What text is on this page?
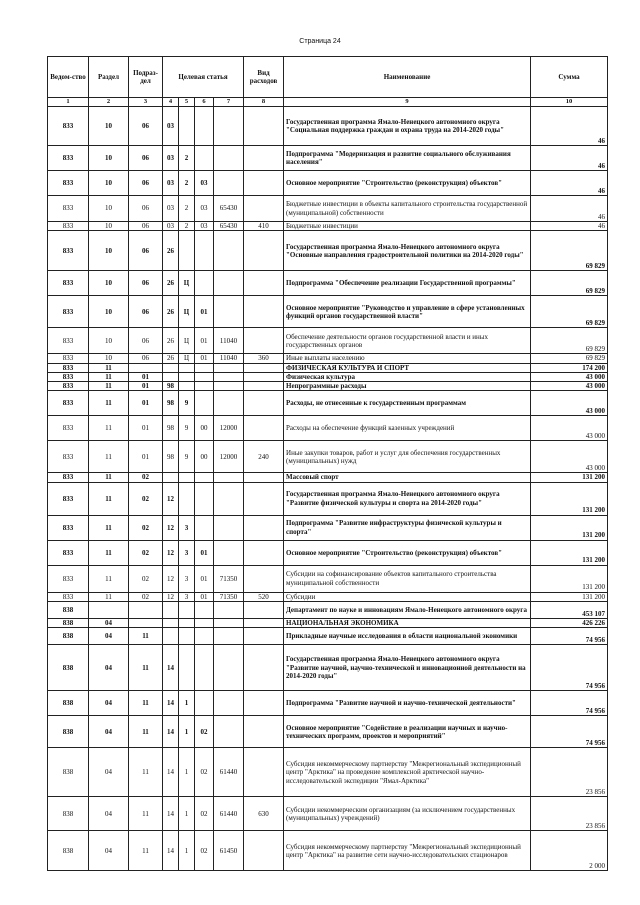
Страница 24
Ведом-ство	Раздел	Подраз-дел	Целевая статья				Вид расходов	Наименование	Сумма
1	2	3	4	5	6	7	8	9	10
833	10	06	03					Государственная программа Ямало-Ненецкого автономного округа "Социальная поддержка граждан и охрана труда на 2014-2020 годы"	46
833	10	06	03	2				Подпрограмма "Модернизация и развитие социального обслуживания населения"	46
833	10	06	03	2	03			Основное мероприятие "Строительство (реконструкция) объектов"	46
833	10	06	03	2	03	65430		Бюджетные инвестиции в объекты капитального строительства государственной (муниципальной) собственности	46
833	10	06	03	2	03	65430	410	Бюджетные инвестиции	46
833	10	06	26					Государственная программа Ямало-Ненецкого автономного округа "Основные направления градостроительной политики на 2014-2020 годы"	69 829
833	10	06	26	Ц				Подпрограмма "Обеспечение реализации Государственной программы"	69 829
833	10	06	26	Ц	01			Основное мероприятие "Руководство и управление в сфере установленных функций органов государственной власти"	69 829
833	10	06	26	Ц	01	11040		Обеспечение деятельности органов государственной власти и иных государственных органов	69 829
833	10	06	26	Ц	01	11040	360	Иные выплаты населению	69 829
833	11							ФИЗИЧЕСКАЯ КУЛЬТУРА И СПОРТ	174 200
833	11	01						Физическая культура	43 000
833	11	01	98					Непрограммные расходы	43 000
833	11	01	98	9				Расходы, не отнесенные к государственным программам	43 000
833	11	01	98	9	00	12000		Расходы на обеспечение функций казенных учреждений	43 000
833	11	01	98	9	00	12000	240	Иные закупки товаров, работ и услуг для обеспечения государственных (муниципальных) нужд	43 000
833	11	02						Массовый спорт	131 200
833	11	02	12					Государственная программа Ямало-Ненецкого автономного округа "Развитие физической культуры и спорта на 2014-2020 годы"	131 200
833	11	02	12	3				Подпрограмма "Развитие инфраструктуры физической культуры и спорта"	131 200
833	11	02	12	3	01			Основное мероприятие "Строительство (реконструкция) объектов"	131 200
833	11	02	12	3	01	71350		Субсидии на софинансирование объектов капитального строительства муниципальной собственности	131 200
833	11	02	12	3	01	71350	520	Субсидии	131 200
838								Департамент по науке и инновациям Ямало-Ненецкого автономного округа	453 107
838	04							НАЦИОНАЛЬНАЯ ЭКОНОМИКА	426 226
838	04	11						Прикладные научные исследования в области национальной экономики	74 956
838	04	11	14					Государственная программа Ямало-Ненецкого автономного округа "Развитие научной, научно-технической и инновационной деятельности на 2014-2020 годы"	74 956
838	04	11	14	1				Подпрограмма "Развитие научной и научно-технической деятельности"	74 956
838	04	11	14	1	02			Основное мероприятие "Содействие в реализации научных и научно-технических программ, проектов и мероприятий"	74 956
838	04	11	14	1	02	61440		Субсидия некоммерческому партнерству "Межрегиональный экспедиционный центр "Арктика" на проведение комплексной арктической научно-исследовательской экспедиции "Ямал-Арктика"	23 856
838	04	11	14	1	02	61440	630	Субсидии некоммерческим организациям (за исключением государственных (муниципальных) учреждений)	23 856
838	04	11	14	1	02	61450		Субсидия некоммерческому партнерству "Межрегиональный экспедиционный центр "Арктика" на развитие сети научно-исследовательских стационаров	2 000
